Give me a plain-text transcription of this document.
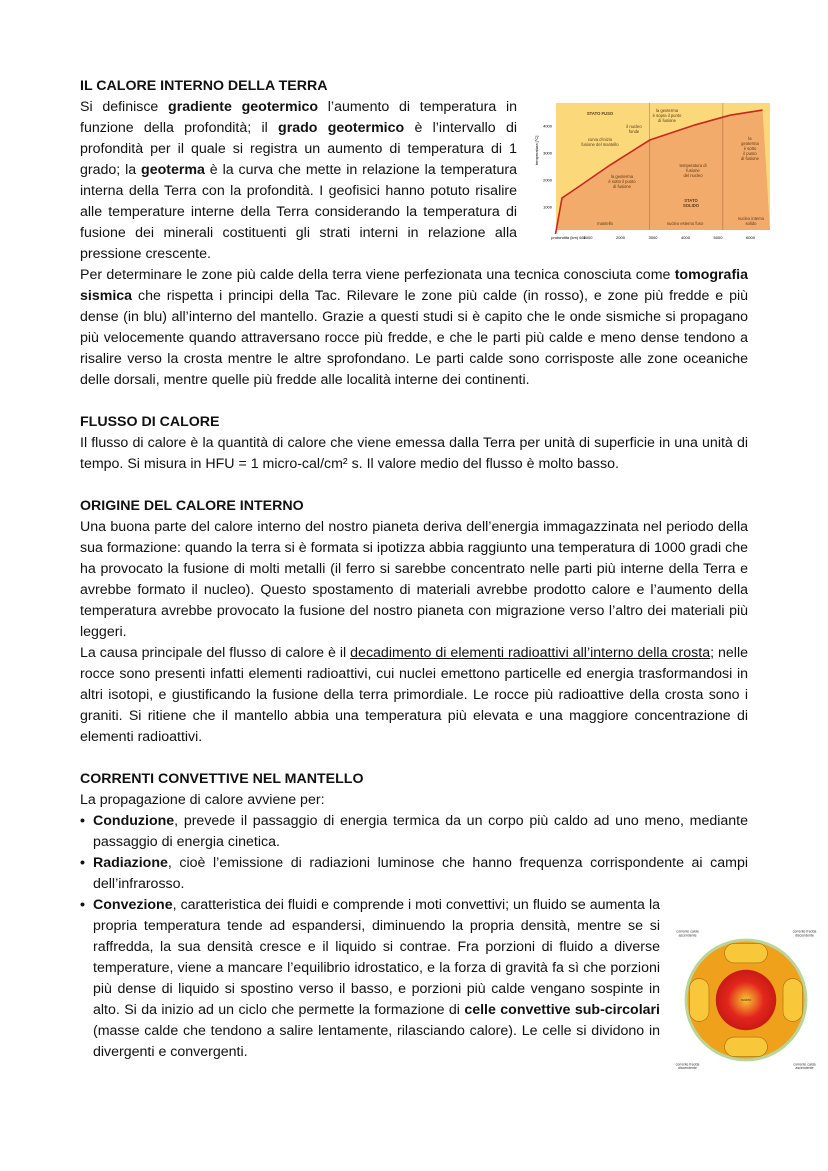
IL CALORE INTERNO DELLA TERRA

Si definisce gradiente geotermico l’aumento di temperatura in funzione della profondità; il grado geotermico è l’intervallo di profondità per il quale si registra un aumento di temperatura di 1 grado; la geoterma è la curva che mette in relazione la temperatura interna della Terra con la profondità. I geofisici hanno potuto risalire alle temperature interne della Terra considerando la temperatura di fusione dei minerali costituenti gli strati interni in relazione alla pressione crescente.

Per determinare le zone più calde della terra viene perfezionata una tecnica conosciuta come tomografia sismica che rispetta i principi della Tac. Rilevare le zone più calde (in rosso), e zone più fredde e più dense (in blu) all’interno del mantello. Grazie a questi studi si è capito che le onde sismiche si propagano più velocemente quando attraversano rocce più fredde, e che le parti più calde e meno dense tendono a risalire verso la crosta mentre le altre sprofondano. Le parti calde sono corrisposte alle zone oceaniche delle dorsali, mentre quelle più fredde alle località interne dei continenti.

FLUSSO DI CALORE

Il flusso di calore è la quantità di calore che viene emessa dalla Terra per unità di superficie in una unità di tempo. Si misura in HFU = 1 micro-cal/cm² s. Il valore medio del flusso è molto basso.

ORIGINE DEL CALORE INTERNO

Una buona parte del calore interno del nostro pianeta deriva dell’energia immagazzinata nel periodo della sua formazione: quando la terra si è formata si ipotizza abbia raggiunto una temperatura di 1000 gradi che ha provocato la fusione di molti metalli (il ferro si sarebbe concentrato nelle parti più interne della Terra e avrebbe formato il nucleo). Questo spostamento di materiali avrebbe prodotto calore e l’aumento della temperatura avrebbe provocato la fusione del nostro pianeta con migrazione verso l’altro dei materiali più leggeri.

La causa principale del flusso di calore è il decadimento di elementi radioattivi all’interno della crosta; nelle rocce sono presenti infatti elementi radioattivi, cui nuclei emettono particelle ed energia trasformandosi in altri isotopi, e giustificando la fusione della terra primordiale. Le rocce più radioattive della crosta sono i graniti. Si ritiene che il mantello abbia una temperatura più elevata e una maggiore concentrazione di elementi radioattivi.

CORRENTI CONVETTIVE NEL MANTELLO

La propagazione di calore avviene per:

• Conduzione, prevede il passaggio di energia termica da un corpo più caldo ad uno meno, mediante passaggio di energia cinetica.
• Radiazione, cioè l’emissione di radiazioni luminose che hanno frequenza corrispondente ai campi dell’infrarosso.
• Convezione, caratteristica dei fluidi e comprende i moti convettivi; un fluido se aumenta la propria temperatura tende ad espandersi, diminuendo la propria densità, mentre se si raffredda, la sua densità cresce e il liquido si contrae. Fra porzioni di fluido a diverse temperature, viene a mancare l’equilibrio idrostatico, e la forza di gravità fa sì che porzioni più dense di liquido si spostino verso il basso, e porzioni più calde vengano sospinte in alto. Si da inizio ad un ciclo che permette la formazione di celle convettive sub-circolari (masse calde che tendono a salire lentamente, rilasciando calore). Le celle si dividono in divergenti e convergenti.
profondità (km) 650
1000	2000	3000	4000	5000	6000
1000
2000
3000
4000
temperatura [°C]
STATO FUSO
curva d’inizio
fusione del mantello
il nucleo
fonde
la geoterma
è sopra il punto
di fusione
la geoterma
è sotto il punto
di fusione
temperatura di
fusione
del nucleo
STATO
SOLIDO
la
geoterma
è sotto
il punto
di fusione
mantello	nucleo esterno fuso
nucleo interno
solido
nucleo
corrente calda
ascendente
corrente fredda
discendente
corrente fredda
discendente
corrente calda
ascendente
